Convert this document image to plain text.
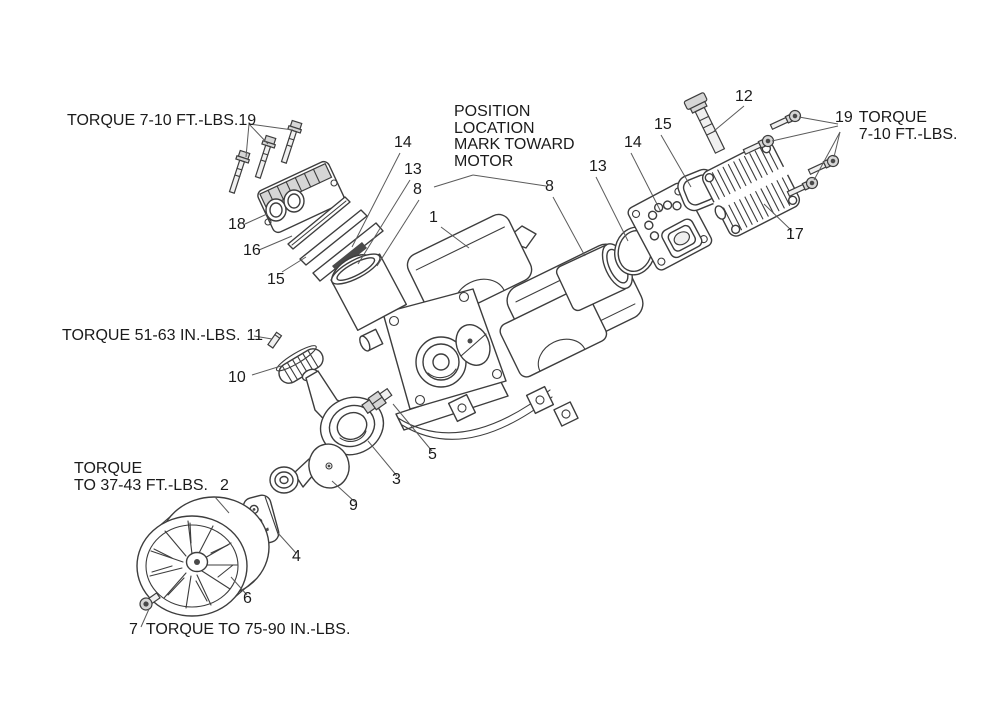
TORQUE 7-10 FT.-LBS.19	19 TORQUE
7-10 FT.-LBS.
POSITION
LOCATION
MARK TOWARD
MOTOR
TORQUE 51-63 IN.-LBS. 11
TORQUE
TO 37-43 FT.-LBS. 2
7 TORQUE TO 75-90 IN.-LBS.
18
16
15
14
13
8
1
8
13
14
15
12
17
10
5
3
9
4
6
